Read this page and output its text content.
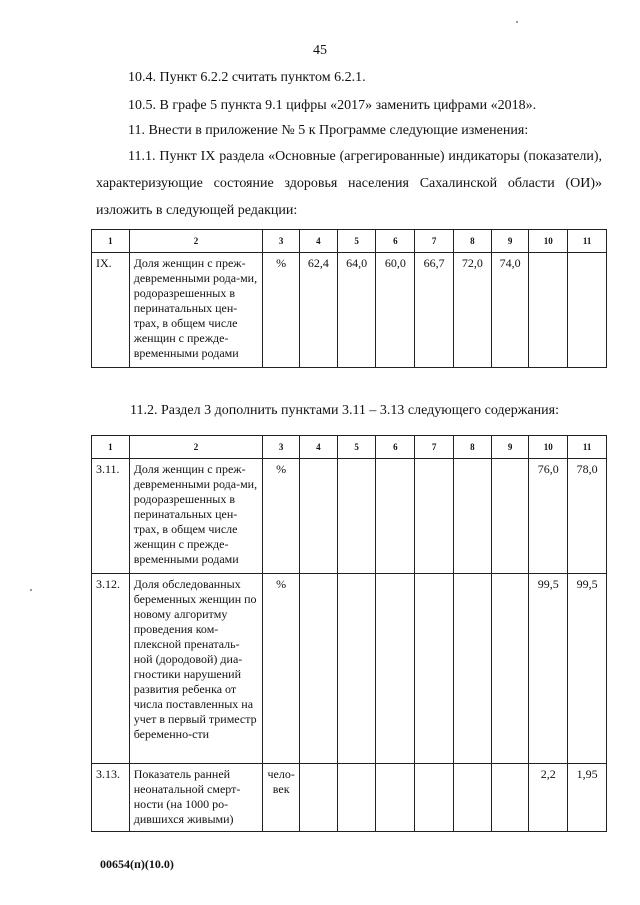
45
10.4. Пункт 6.2.2 считать пунктом 6.2.1.
10.5. В графе 5 пункта 9.1 цифры «2017» заменить цифрами «2018».
11. Внести в приложение № 5 к Программе следующие изменения:
11.1. Пункт IX раздела «Основные (агрегированные) индикаторы (показатели), характеризующие состояние здоровья населения Сахалинской области (ОИ)» изложить в следующей редакции:
1	2	3	4	5	6	7	8	9	10	11
IX.	Доля женщин с преж-девременными рода-ми, родоразрешенных в перинатальных цен-трах, в общем числе женщин с преждe-временными родами	%	62,4	64,0	60,0	66,7	72,0	74,0		
11.2. Раздел 3 дополнить пунктами 3.11 – 3.13 следующего содержания:
1	2	3	4	5	6	7	8	9	10	11
3.11.	Доля женщин с преж-девременными рода-ми, родоразрешенных в перинатальных цен-трах, в общем числе женщин с преждe-временными родами	%							76,0	78,0
3.12.	Доля обследованных беременных женщин по новому алгоритму проведения ком-плексной пренаталь-ной (дородовой) диа-гностики нарушений развития ребенка от числа поставленных на учет в первый триместр беременно-сти	%							99,5	99,5
3.13.	Показатель ранней неонатальной смерт-ности (на 1000 ро-дившихся живыми)	чело-век							2,2	1,95
00654(п)(10.0)
